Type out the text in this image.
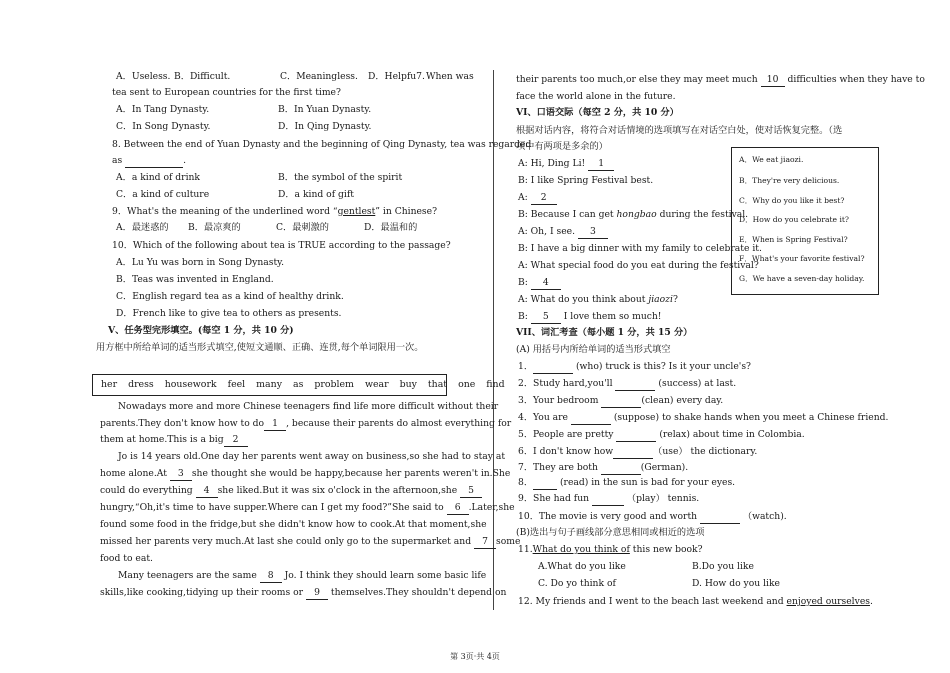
A．Useless. B．Difficult.	C．Meaningless. D．Helpfu7. When was
tea sent to European countries for the first time?
A．In Tang Dynasty.	B．In Yuan Dynasty.
C．In Song Dynasty.	D．In Qing Dynasty.
8. Between the end of Yuan Dynasty and the beginning of Qing Dynasty, tea was regarded
as	.
A．a kind of drink	B．the symbol of the spirit
C．a kind of culture	D．a kind of gift
9．What's the meaning of the underlined word “gentlest” in Chinese?
A．最迷惑的 B．最凉爽的	C．最刺激的	D．最温和的
10．Which of the following about tea is TRUE according to the passage?
A．Lu Yu was born in Song Dynasty.
B．Teas was invented in England.
C．English regard tea as a kind of healthy drink.
D．French like to give tea to others as presents.
V、任务型完形填空。(每空 1 分，共 10 分)
用方框中所给单词的适当形式填空,使短文通顺、正确、连贯,每个单词限用一次。
her dress housework feel many as problem wear buy that one find
Nowadays more and more Chinese teenagers find life more difficult without their
parents.They don't know how to do 1 , because their parents do almost everything for
them at home.This is a big 2
Jo is 14 years old.One day her parents went away on business,so she had to stay at
home alone.At 3 she thought she would be happy,because her parents weren't in.She
could do everything 4 she liked.But it was six o'clock in the afternoon,she 5
hungry,“Oh,it's time to have supper.Where can I get my food?”She said to 6 .Later,she
found some food in the fridge,but she didn't know how to cook.At that moment,she
missed her parents very much.At last she could only go to the supermarket and 7 some
food to eat.
Many teenagers are the same 8 Jo. I think they should learn some basic life
skills,like cooking,tidying up their rooms or 9 themselves.They shouldn't depend on
their parents too much,or else they may meet much 10 difficulties when they have to
face the world alone in the future.
VI、口语交际（每空 2 分，共 10 分）
根据对话内容，将符合对话情境的选项填写在对话空白处，使对话恢复完整。（选
项中有两项是多余的）
A: Hi, Ding Li! 1
B: I like Spring Festival best.
A: 2
B: Because I can get hongbao during the festival.
A: Oh, I see. 3
B: I have a big dinner with my family to celebrate it.
A: What special food do you eat during the festival?
B: 4
A: What do you think about jiaozi?
B: 5 I love them so much!
VII、词汇考查（每小题 1 分，共 15 分）
(A) 用括号内所给单词的适当形式填空
1．	(who) truck is this? Is it your uncle's?
2．Study hard,you'll	(success) at last.
3．Your bedroom	(clean) every day.
4．You are	(suppose) to shake hands when you meet a Chinese friend.
5．People are pretty	(relax) about time in Colombia.
6．I don't know how	（use） the dictionary.
7．They are both	(German).
8．	(read) in the sun is bad for your eyes.
9．She had fun	（play） tennis.
10．The movie is very good and worth	（watch).
(B)选出与句子画线部分意思相同或相近的选项
11.What do you think of this new book?
A.What do you like	B.Do you like
C. Do yo think of	D. How do you like
12. My friends and I went to the beach last weekend and enjoyed ourselves.
A．We eat jiaozi.
B．They're very delicious.
C．Why do you like it best?
D．How do you celebrate it?
E．When is Spring Festival?
F．What's your favorite festival?
G．We have a seven-day holiday.
第 3页·共 4页
